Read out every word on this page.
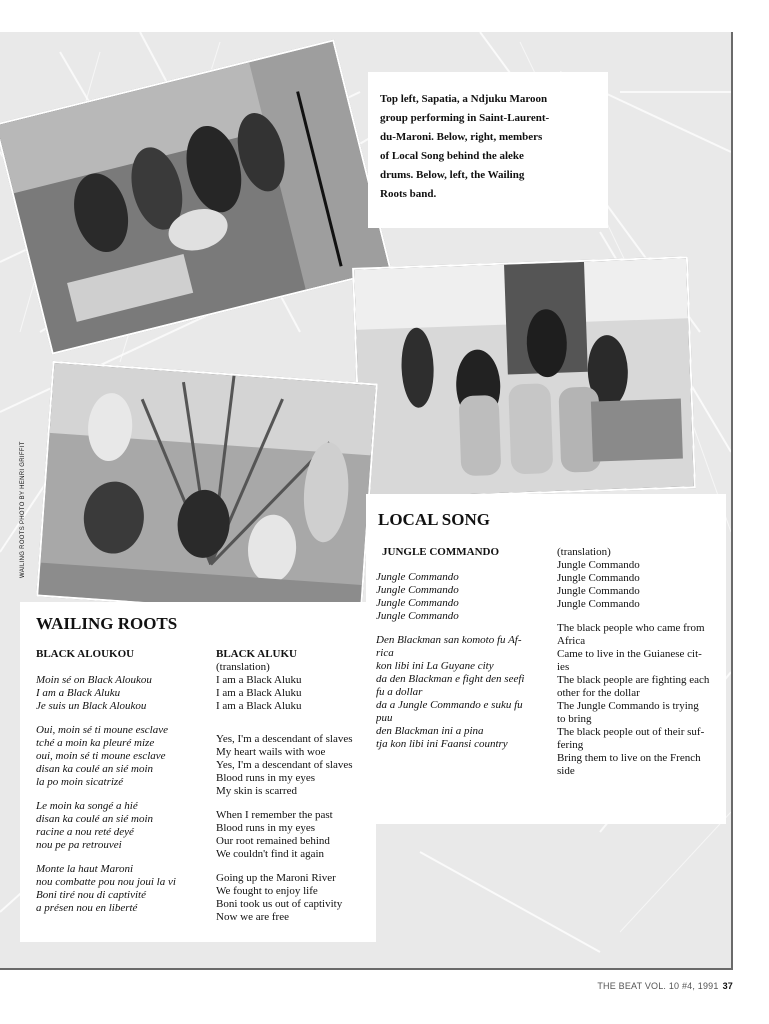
Top left, Sapatia, a Ndjuku Maroon
group performing in Saint-Laurent-
du-Maroni. Below, right, members
of Local Song behind the aleke
drums. Below, left, the Wailing
Roots band.
WAILING ROOTS PHOTO BY HENRI GRIFFIT	LOCAL SONG
JUNGLE COMMANDO

Jungle Commando
Jungle Commando
Jungle Commando
Jungle Commando

Den Blackman san komoto fu Af-
rica
kon libi ini La Guyane city
da den Blackman e fight den seefi
fu a dollar
da a Jungle Commando e suku fu
puu
den Blackman ini a pina
tja kon libi ini Faansi country

(translation)
Jungle Commando
Jungle Commando
Jungle Commando
Jungle Commando

The black people who came from
Africa
Came to live in the Guianese cit-
ies
The black people are fighting each
other for the dollar
The Jungle Commando is trying
to bring
The black people out of their suf-
fering
Bring them to live on the French
side

WAILING ROOTS
BLACK ALOUKOU

Moin sé on Black Aloukou
I am a Black Aluku
Je suis un Black Aloukou

Oui, moin sé ti moune esclave
tché a moin ka pleuré mize
oui, moin sé ti moune esclave
disan ka coulé an sié moin
la po moin sicatrizé

Le moin ka songé a hié
disan ka coulé an sié moin
racine a nou reté deyé
nou pe pa retrouvei

Monte la haut Maroni
nou combatte pou nou joui la vi
Boni tiré nou di captivité
a présen nou en liberté

BLACK ALUKU

(translation)
I am a Black Aluku
I am a Black Aluku
I am a Black Aluku

Yes, I'm a descendant of slaves
My heart wails with woe
Yes, I'm a descendant of slaves
Blood runs in my eyes
My skin is scarred

When I remember the past
Blood runs in my eyes
Our root remained behind
We couldn't find it again

Going up the Maroni River
We fought to enjoy life
Boni took us out of captivity
Now we are free

THE BEAT VOL. 10 #4, 1991 37
